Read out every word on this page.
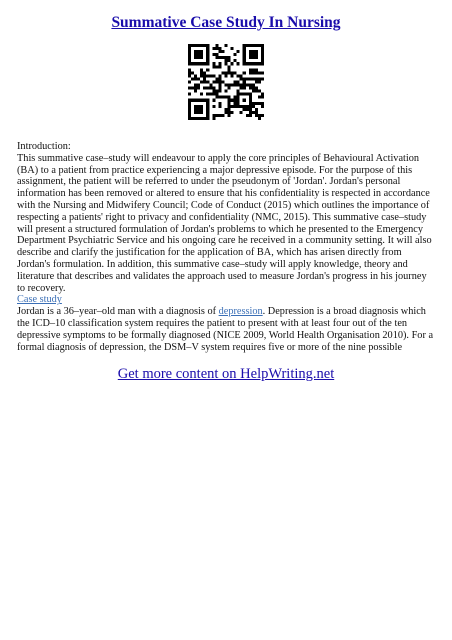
Summative Case Study In Nursing

Introduction:

This summative case–study will endeavour to apply the core principles of Behavioural Activation (BA) to a patient from practice experiencing a major depressive episode. For the purpose of this assignment, the patient will be referred to under the pseudonym of 'Jordan'. Jordan's personal information has been removed or altered to ensure that his confidentiality is respected in accordance with the Nursing and Midwifery Council; Code of Conduct (2015) which outlines the importance of respecting a patients' right to privacy and confidentiality (NMC, 2015). This summative case–study will present a structured formulation of Jordan's problems to which he presented to the Emergency Department Psychiatric Service and his ongoing care he received in a community setting. It will also describe and clarify the justification for the application of BA, which has arisen directly from Jordan's formulation. In addition, this summative case–study will apply knowledge, theory and literature that describes and validates the approach used to measure Jordan's progress in his journey to recovery.

Case study

Jordan is a 36–year–old man with a diagnosis of depression. Depression is a broad diagnosis which the ICD–10 classification system requires the patient to present with at least four out of the ten depressive symptoms to be formally diagnosed (NICE 2009, World Health Organisation 2010). For a formal diagnosis of depression, the DSM–V system requires five or more of the nine possible

Get more content on HelpWriting.net
